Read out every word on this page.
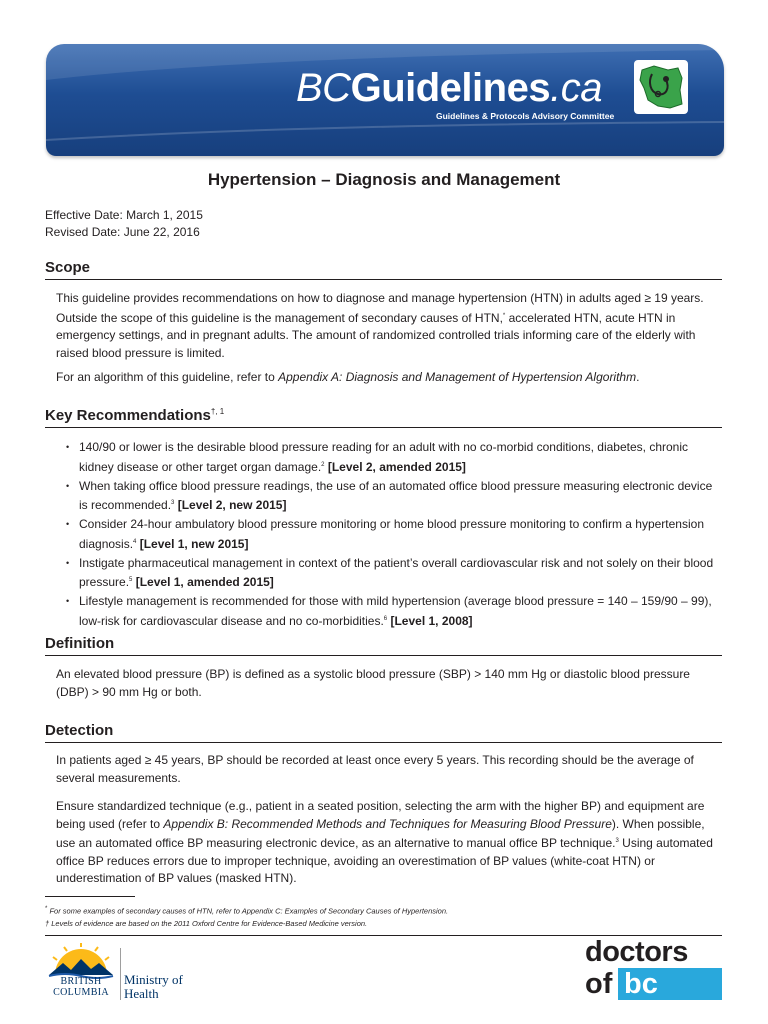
BCGuidelines.ca
Guidelines & Protocols Advisory Committee
Hypertension – Diagnosis and Management
Effective Date: March 1, 2015
Revised Date: June 22, 2016
Scope
This guideline provides recommendations on how to diagnose and manage hypertension (HTN) in adults aged ≥ 19 years. Outside the scope of this guideline is the management of secondary causes of HTN,* accelerated HTN, acute HTN in emergency settings, and in pregnant adults. The amount of randomized controlled trials informing care of the elderly with raised blood pressure is limited.
For an algorithm of this guideline, refer to Appendix A: Diagnosis and Management of Hypertension Algorithm.
Key Recommendations$^{\dagger, 1}$
• 140/90 or lower is the desirable blood pressure reading for an adult with no co-morbid conditions, diabetes, chronic kidney disease or other target organ damage.$^2$ [Level 2, amended 2015]
• When taking office blood pressure readings, the use of an automated office blood pressure measuring electronic device is recommended.$^3$ [Level 2, new 2015]
• Consider 24-hour ambulatory blood pressure monitoring or home blood pressure monitoring to confirm a hypertension diagnosis.$^4$ [Level 1, new 2015]
• Instigate pharmaceutical management in context of the patient’s overall cardiovascular risk and not solely on their blood pressure.$^5$ [Level 1, amended 2015]
• Lifestyle management is recommended for those with mild hypertension (average blood pressure = 140 – 159/90 – 99), low-risk for cardiovascular disease and no co-morbidities.$^6$ [Level 1, 2008]
Definition
An elevated blood pressure (BP) is defined as a systolic blood pressure (SBP) > 140 mm Hg or diastolic blood pressure (DBP) > 90 mm Hg or both.
Detection
In patients aged ≥ 45 years, BP should be recorded at least once every 5 years. This recording should be the average of several measurements.
Ensure standardized technique (e.g., patient in a seated position, selecting the arm with the higher BP) and equipment are being used (refer to Appendix B: Recommended Methods and Techniques for Measuring Blood Pressure). When possible, use an automated office BP measuring electronic device, as an alternative to manual office BP technique.$^3$ Using automated office BP reduces errors due to improper technique, avoiding an overestimation of BP values (white-coat HTN) or underestimation of BP values (masked HTN).
* For some examples of secondary causes of HTN, refer to Appendix C: Examples of Secondary Causes of Hypertension.
† Levels of evidence are based on the 2011 Oxford Centre for Evidence-Based Medicine version.
BRITISH
COLUMBIA
Ministry of
Health
doctors
of bc
